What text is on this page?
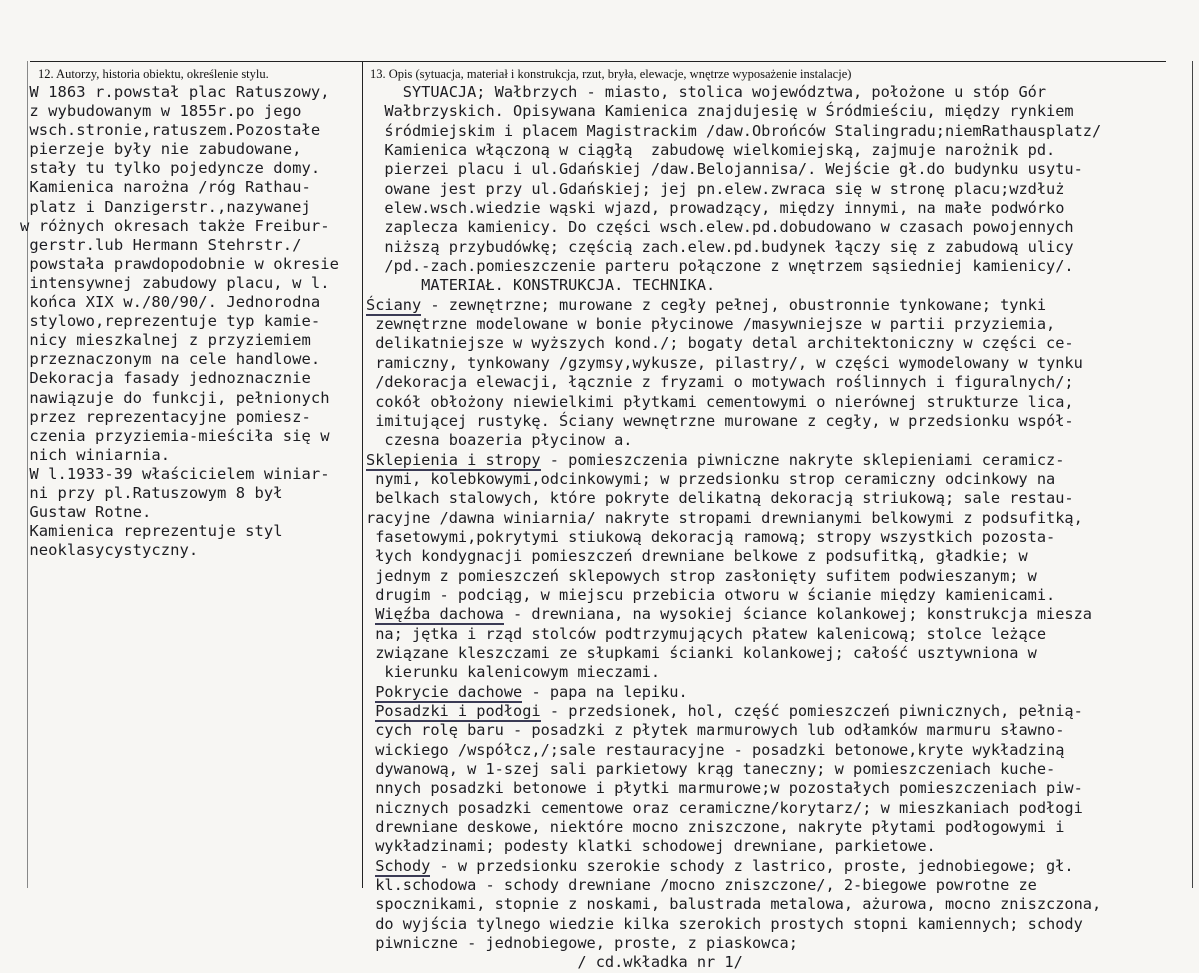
12. Autorzy, historia obiektu, określenie stylu.	13. Opis (sytuacja, materiał i konstrukcja, rzut, bryła, elewacje, wnętrze wyposażenie instalacje)
W 1863 r.powstał plac Ratuszowy,
z wybudowanym w 1855r.po jego
wsch.stronie,ratuszem.Pozostałe
pierzeje były nie zabudowane,
stały tu tylko pojedyncze domy.
Kamienica narożna /róg Rathau-
platz i Danzigerstr.,nazywanej
w różnych okresach także Freibur-
gerstr.lub Hermann Stehrstr./
powstała prawdopodobnie w okresie
intensywnej zabudowy placu, w l.
końca XIX w./80/90/. Jednorodna
stylowo,reprezentuje typ kamie-
nicy mieszkalnej z przyziemiem
przeznaczonym na cele handlowe.
Dekoracja fasady jednoznacznie
nawiązuje do funkcji, pełnionych
przez reprezentacyjne pomiesz-
czenia przyziemia-mieściła się w
nich winiarnia.
W l.1933-39 właścicielem winiar-
ni przy pl.Ratuszowym 8 był
Gustaw Rotne.
Kamienica reprezentuje styl
neoklasycystyczny.
SYTUACJA; Wałbrzych - miasto, stolica województwa, położone u stóp Gór
Wałbrzyskich. Opisywana Kamienica znajdujesię w Śródmieściu, między rynkiem
śródmiejskim i placem Magistrackim /daw.Obrońców Stalingradu;niemRathausplatz/
Kamienica włączoną w ciągłą  zabudowę wielkomiejską, zajmuje narożnik pd.
pierzei placu i ul.Gdańskiej /daw.Belojannisa/. Wejście gł.do budynku usytu-
owane jest przy ul.Gdańskiej; jej pn.elew.zwraca się w stronę placu;wzdłuż
elew.wsch.wiedzie wąski wjazd, prowadzący, między innymi, na małe podwórko
zaplecza kamienicy. Do części wsch.elew.pd.dobudowano w czasach powojennych
niższą przybudówkę; częścią zach.elew.pd.budynek łączy się z zabudową ulicy
/pd.-zach.pomieszczenie parteru połączone z wnętrzem sąsiedniej kamienicy/.
MATERIAŁ. KONSTRUKCJA. TECHNIKA.
Ściany - zewnętrzne; murowane z cegły pełnej, obustronnie tynkowane; tynki
zewnętrzne modelowane w bonie płycinowe /masywniejsze w partii przyziemia,
delikatniejsze w wyższych kond./; bogaty detal architektoniczny w części ce-
ramiczny, tynkowany /gzymsy,wykusze, pilastry/, w części wymodelowany w tynku
/dekoracja elewacji, łącznie z fryzami o motywach roślinnych i figuralnych/;
cokół obłożony niewielkimi płytkami cementowymi o nierównej strukturze lica,
imitującej rustykę. Ściany wewnętrzne murowane z cegły, w przedsionku współ-
czesna boazeria płycinow a.
Sklepienia i stropy - pomieszczenia piwniczne nakryte sklepieniami ceramicz-
nymi, kolebkowymi,odcinkowymi; w przedsionku strop ceramiczny odcinkowy na
belkach stalowych, które pokryte delikatną dekoracją striukową; sale restau-
racyjne /dawna winiarnia/ nakryte stropami drewnianymi belkowymi z podsufitką,
fasetowymi,pokrytymi stiukową dekoracją ramową; stropy wszystkich pozosta-
łych kondygnacji pomieszczeń drewniane belkowe z podsufitką, gładkie; w
jednym z pomieszczeń sklepowych strop zasłonięty sufitem podwieszanym; w
drugim - podciąg, w miejscu przebicia otworu w ścianie między kamienicami.
Więźba dachowa - drewniana, na wysokiej ściance kolankowej; konstrukcja miesza
na; jętka i rząd stolców podtrzymujących płatew kalenicową; stolce leżące
związane kleszczami ze słupkami ścianki kolankowej; całość usztywniona w
kierunku kalenicowym mieczami.
Pokrycie dachowe - papa na lepiku.
Posadzki i podłogi - przedsionek, hol, część pomieszczeń piwnicznych, pełnią-
cych rolę baru - posadzki z płytek marmurowych lub odłamków marmuru sławno-
wickiego /współcz,/;sale restauracyjne - posadzki betonowe,kryte wykładziną
dywanową, w 1-szej sali parkietowy krąg taneczny; w pomieszczeniach kuche-
nnych posadzki betonowe i płytki marmurowe;w pozostałych pomieszczeniach piw-
nicznych posadzki cementowe oraz ceramiczne/korytarz/; w mieszkaniach podłogi
drewniane deskowe, niektóre mocno zniszczone, nakryte płytami podłogowymi i
wykładzinami; podesty klatki schodowej drewniane, parkietowe.
Schody - w przedsionku szerokie schody z lastrico, proste, jednobiegowe; gł.
kl.schodowa - schody drewniane /mocno zniszczone/, 2-biegowe powrotne ze
spocznikami, stopnie z noskami, balustrada metalowa, ażurowa, mocno zniszczona,
do wyjścia tylnego wiedzie kilka szerokich prostych stopni kamiennych; schody
piwniczne - jednobiegowe, proste, z piaskowca;
/ cd.wkładka nr 1/
